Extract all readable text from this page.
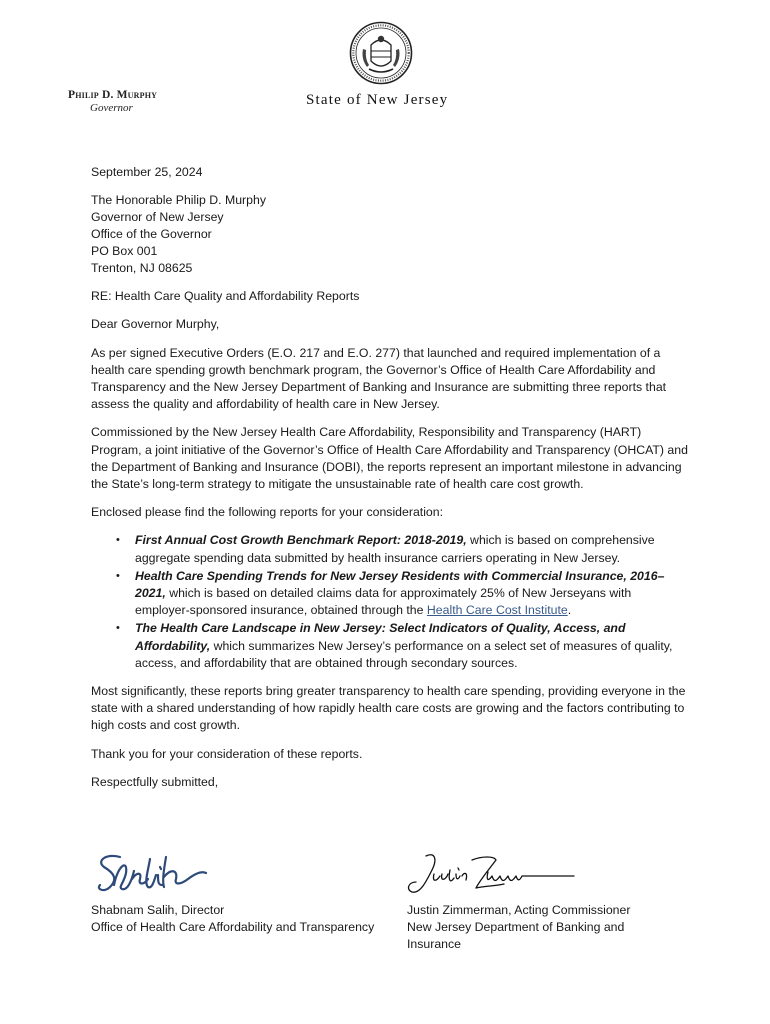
Philip D. Murphy
Governor	State of New Jersey

September 25, 2024

The Honorable Philip D. Murphy
Governor of New Jersey
Office of the Governor
PO Box 001
Trenton, NJ 08625

RE: Health Care Quality and Affordability Reports

Dear Governor Murphy,

As per signed Executive Orders (E.O. 217 and E.O. 277) that launched and required implementation of a health care spending growth benchmark program, the Governor’s Office of Health Care Affordability and Transparency and the New Jersey Department of Banking and Insurance are submitting three reports that assess the quality and affordability of health care in New Jersey.

Commissioned by the New Jersey Health Care Affordability, Responsibility and Transparency (HART) Program, a joint initiative of the Governor’s Office of Health Care Affordability and Transparency (OHCAT) and the Department of Banking and Insurance (DOBI), the reports represent an important milestone in advancing the State’s long-term strategy to mitigate the unsustainable rate of health care cost growth.

Enclosed please find the following reports for your consideration:

• First Annual Cost Growth Benchmark Report: 2018-2019, which is based on comprehensive aggregate spending data submitted by health insurance carriers operating in New Jersey.
• Health Care Spending Trends for New Jersey Residents with Commercial Insurance, 2016–2021, which is based on detailed claims data for approximately 25% of New Jerseyans with employer-sponsored insurance, obtained through the Health Care Cost Institute.
• The Health Care Landscape in New Jersey: Select Indicators of Quality, Access, and Affordability, which summarizes New Jersey’s performance on a select set of measures of quality, access, and affordability that are obtained through secondary sources.

Most significantly, these reports bring greater transparency to health care spending, providing everyone in the state with a shared understanding of how rapidly health care costs are growing and the factors contributing to high costs and cost growth.

Thank you for your consideration of these reports.

Respectfully submitted,

Shabnam Salih, Director
Office of Health Care Affordability and Transparency
Justin Zimmerman, Acting Commissioner
New Jersey Department of Banking and
Insurance
